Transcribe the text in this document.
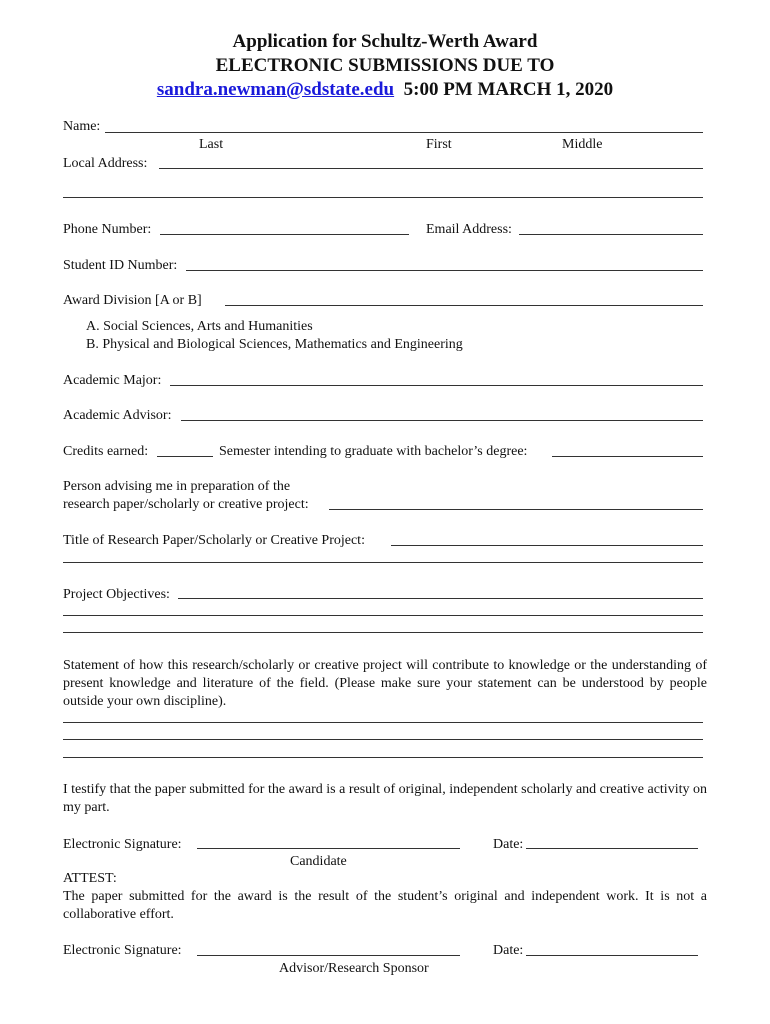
Application for Schultz-Werth Award
ELECTRONIC SUBMISSIONS DUE TO
sandra.newman@sdstate.edu 5:00 PM MARCH 1, 2020
Name:
Last	First	Middle
Local Address:
Phone Number:	Email Address:
Student ID Number:
Award Division [A or B]
A. Social Sciences, Arts and Humanities
B. Physical and Biological Sciences, Mathematics and Engineering
Academic Major:
Academic Advisor:
Credits earned:	Semester intending to graduate with bachelor’s degree:
Person advising me in preparation of the
research paper/scholarly or creative project:
Title of Research Paper/Scholarly or Creative Project:
Project Objectives:
Statement of how this research/scholarly or creative project will contribute to knowledge or the understanding of present knowledge and literature of the field. (Please make sure your statement can be understood by people outside your own discipline).
I testify that the paper submitted for the award is a result of original, independent scholarly and creative activity on my part.
Electronic Signature:	Date:
Candidate
ATTEST:
The paper submitted for the award is the result of the student’s original and independent work. It is not a collaborative effort.
Electronic Signature:	Date:
Advisor/Research Sponsor
